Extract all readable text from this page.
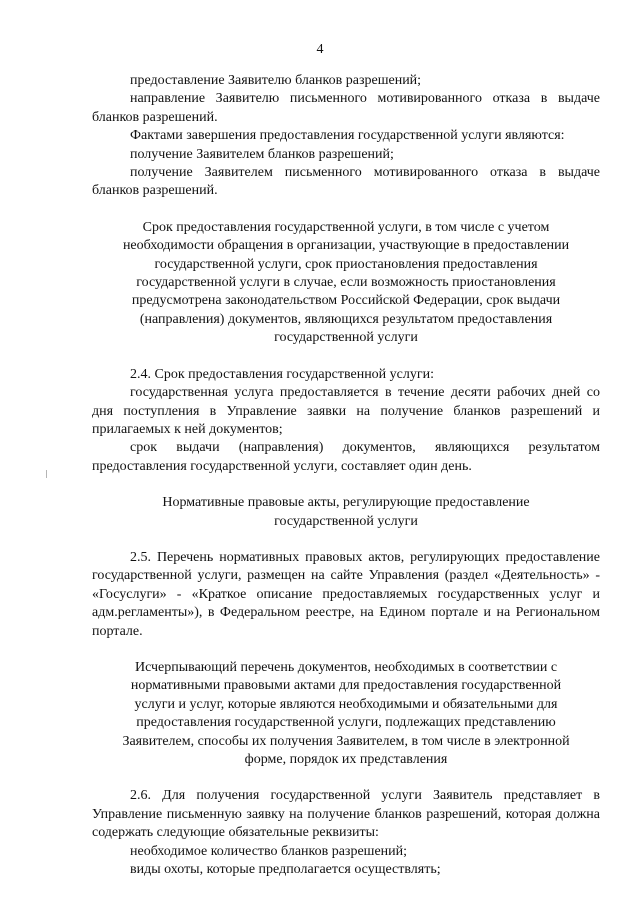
4

предоставление Заявителю бланков разрешений;

направление Заявителю письменного мотивированного отказа в выдаче бланков разрешений.

Фактами завершения предоставления государственной услуги являются:

получение Заявителем бланков разрешений;

получение Заявителем письменного мотивированного отказа в выдаче бланков разрешений.

Срок предоставления государственной услуги, в том числе с учетом
необходимости обращения в организации, участвующие в предоставлении
государственной услуги, срок приостановления предоставления
государственной услуги в случае, если возможность приостановления
предусмотрена законодательством Российской Федерации, срок выдачи
(направления) документов, являющихся результатом предоставления
государственной услуги

2.4. Срок предоставления государственной услуги:

государственная услуга предоставляется в течение десяти рабочих дней со дня поступления в Управление заявки на получение бланков разрешений и прилагаемых к ней документов;

срок выдачи (направления) документов, являющихся результатом предоставления государственной услуги, составляет один день.

Нормативные правовые акты, регулирующие предоставление
государственной услуги

2.5. Перечень нормативных правовых актов, регулирующих предоставление государственной услуги, размещен на сайте Управления (раздел «Деятельность» - «Госуслуги» - «Краткое описание предоставляемых государственных услуг и адм.регламенты»), в Федеральном реестре, на Едином портале и на Региональном портале.

Исчерпывающий перечень документов, необходимых в соответствии с
нормативными правовыми актами для предоставления государственной
услуги и услуг, которые являются необходимыми и обязательными для
предоставления государственной услуги, подлежащих представлению
Заявителем, способы их получения Заявителем, в том числе в электронной
форме, порядок их представления

2.6. Для получения государственной услуги Заявитель представляет в Управление письменную заявку на получение бланков разрешений, которая должна содержать следующие обязательные реквизиты:

необходимое количество бланков разрешений;

виды охоты, которые предполагается осуществлять;
